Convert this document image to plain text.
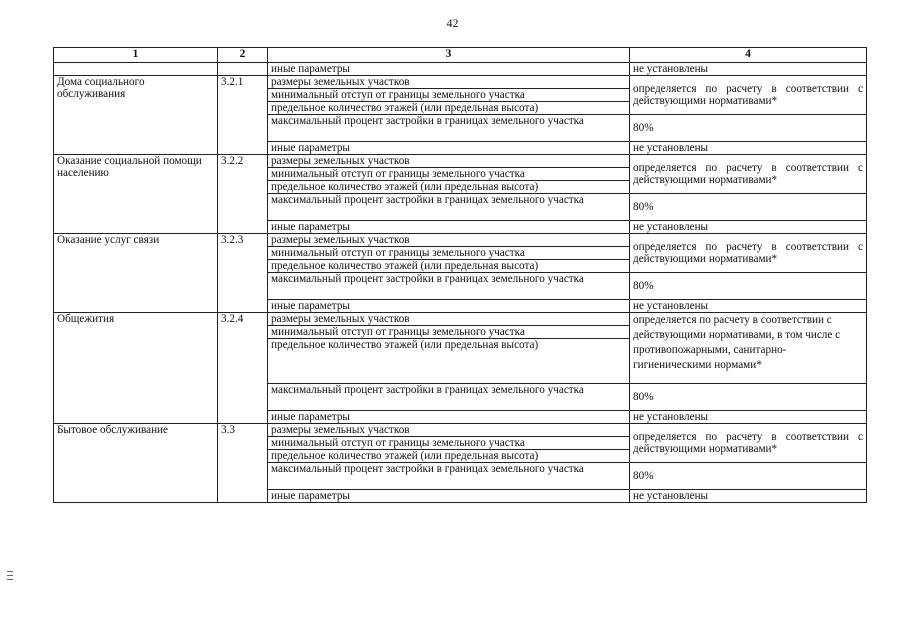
42
1	2	3	4
		иные параметры	не установлены
Дома социального обслуживания	3.2.1	размеры земельных участков	определяется по расчету в соответствии с действующими нормативами*
		минимальный отступ от границы земельного участка	
		предельное количество этажей (или предельная высота)	
		максимальный процент застройки в границах земельного участка	80%
		иные параметры	не установлены
Оказание социальной помощи населению	3.2.2	размеры земельных участков	определяется по расчету в соответствии с действующими нормативами*
		минимальный отступ от границы земельного участка	
		предельное количество этажей (или предельная высота)	
		максимальный процент застройки в границах земельного участка	80%
		иные параметры	не установлены
Оказание услуг связи	3.2.3	размеры земельных участков	определяется по расчету в соответствии с действующими нормативами*
		минимальный отступ от границы земельного участка	
		предельное количество этажей (или предельная высота)	
		максимальный процент застройки в границах земельного участка	80%
		иные параметры	не установлены
Общежития	3.2.4	размеры земельных участков	определяется по расчету в соответствии с действующими нормативами, в том числе с противопожарными, санитарно-гигиеническими нормами*
		минимальный отступ от границы земельного участка	
		предельное количество этажей (или предельная высота)	
		максимальный процент застройки в границах земельного участка	80%
		иные параметры	не установлены
Бытовое обслуживание	3.3	размеры земельных участков	определяется по расчету в соответствии с действующими нормативами*
		минимальный отступ от границы земельного участка	
		предельное количество этажей (или предельная высота)	
		максимальный процент застройки в границах земельного участка	80%
		иные параметры	не установлены
